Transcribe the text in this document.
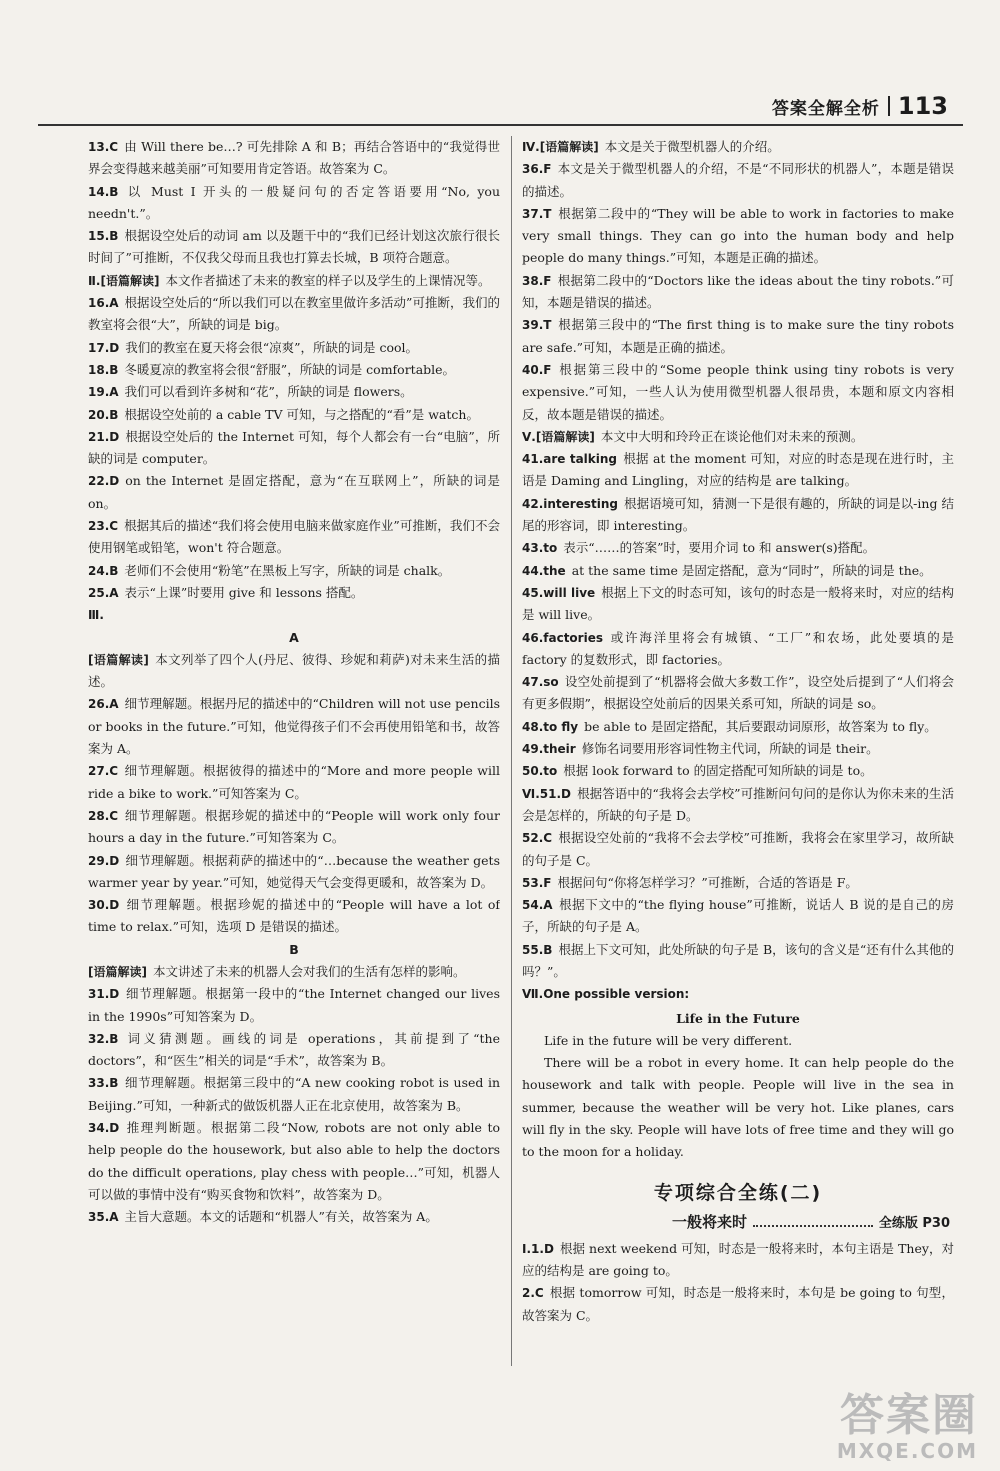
答案全解全析 113

13.C 由 Will there be…? 可先排除 A 和 B；再结合答语中的“我觉得世界会变得越来越美丽”可知要用肯定答语。故答案为 C。

14.B 以 Must I 开头的一般疑问句的否定答语要用“No, you needn't.”。

15.B 根据设空处后的动词 am 以及题干中的“我们已经计划这次旅行很长时间了”可推断，不仅我父母而且我也打算去长城，B 项符合题意。

Ⅱ.[语篇解读] 本文作者描述了未来的教室的样子以及学生的上课情况等。

16.A 根据设空处后的“所以我们可以在教室里做许多活动”可推断，我们的教室将会很“大”，所缺的词是 big。

17.D 我们的教室在夏天将会很“凉爽”，所缺的词是 cool。

18.B 冬暖夏凉的教室将会很“舒服”，所缺的词是 comfortable。

19.A 我们可以看到许多树和“花”，所缺的词是 flowers。

20.B 根据设空处前的 a cable TV 可知，与之搭配的“看”是 watch。

21.D 根据设空处后的 the Internet 可知，每个人都会有一台“电脑”，所缺的词是 computer。

22.D on the Internet 是固定搭配，意为“在互联网上”，所缺的词是 on。

23.C 根据其后的描述“我们将会使用电脑来做家庭作业”可推断，我们不会使用钢笔或铅笔，won't 符合题意。

24.B 老师们不会使用“粉笔”在黑板上写字，所缺的词是 chalk。

25.A 表示“上课”时要用 give 和 lessons 搭配。

Ⅲ.

A

[语篇解读] 本文列举了四个人(丹尼、彼得、珍妮和莉萨)对未来生活的描述。

26.A 细节理解题。根据丹尼的描述中的“Children will not use pencils or books in the future.”可知，他觉得孩子们不会再使用铅笔和书，故答案为 A。

27.C 细节理解题。根据彼得的描述中的“More and more people will ride a bike to work.”可知答案为 C。

28.C 细节理解题。根据珍妮的描述中的“People will work only four hours a day in the future.”可知答案为 C。

29.D 细节理解题。根据莉萨的描述中的“…because the weather gets warmer year by year.”可知，她觉得天气会变得更暖和，故答案为 D。

30.D 细节理解题。根据珍妮的描述中的“People will have a lot of time to relax.”可知，选项 D 是错误的描述。

B

[语篇解读] 本文讲述了未来的机器人会对我们的生活有怎样的影响。

31.D 细节理解题。根据第一段中的“the Internet changed our lives in the 1990s”可知答案为 D。

32.B 词义猜测题。画线的词是 operations，其前提到了“the doctors”，和“医生”相关的词是“手术”，故答案为 B。

33.B 细节理解题。根据第三段中的“A new cooking robot is used in Beijing.”可知，一种新式的做饭机器人正在北京使用，故答案为 B。

34.D 推理判断题。根据第二段“Now, robots are not only able to help people do the housework, but also able to help the doctors do the difficult operations, play chess with people…”可知，机器人可以做的事情中没有“购买食物和饮料”，故答案为 D。

35.A 主旨大意题。本文的话题和“机器人”有关，故答案为 A。

Ⅳ.[语篇解读] 本文是关于微型机器人的介绍。

36.F 本文是关于微型机器人的介绍，不是“不同形状的机器人”，本题是错误的描述。

37.T 根据第二段中的“They will be able to work in factories to make very small things. They can go into the human body and help people do many things.”可知，本题是正确的描述。

38.F 根据第二段中的“Doctors like the ideas about the tiny robots.”可知，本题是错误的描述。

39.T 根据第三段中的“The first thing is to make sure the tiny robots are safe.”可知，本题是正确的描述。

40.F 根据第三段中的“Some people think using tiny robots is very expensive.”可知，一些人认为使用微型机器人很昂贵，本题和原文内容相反，故本题是错误的描述。

Ⅴ.[语篇解读] 本文中大明和玲玲正在谈论他们对未来的预测。

41.are talking 根据 at the moment 可知，对应的时态是现在进行时，主语是 Daming and Lingling，对应的结构是 are talking。

42.interesting 根据语境可知，猜测一下是很有趣的，所缺的词是以-ing 结尾的形容词，即 interesting。

43.to 表示“……的答案”时，要用介词 to 和 answer(s)搭配。

44.the at the same time 是固定搭配，意为“同时”，所缺的词是 the。

45.will live 根据上下文的时态可知，该句的时态是一般将来时，对应的结构是 will live。

46.factories 或许海洋里将会有城镇、“工厂”和农场，此处要填的是 factory 的复数形式，即 factories。

47.so 设空处前提到了“机器将会做大多数工作”，设空处后提到了“人们将会有更多假期”，根据设空处前后的因果关系可知，所缺的词是 so。

48.to fly be able to 是固定搭配，其后要跟动词原形，故答案为 to fly。

49.their 修饰名词要用形容词性物主代词，所缺的词是 their。

50.to 根据 look forward to 的固定搭配可知所缺的词是 to。

Ⅵ.51.D 根据答语中的“我将会去学校”可推断问句问的是你认为你未来的生活会是怎样的，所缺的句子是 D。

52.C 根据设空处前的“我将不会去学校”可推断，我将会在家里学习，故所缺的句子是 C。

53.F 根据问句“你将怎样学习？”可推断，合适的答语是 F。

54.A 根据下文中的“the flying house”可推断，说话人 B 说的是自己的房子，所缺的句子是 A。

55.B 根据上下文可知，此处所缺的句子是 B，该句的含义是“还有什么其他的吗？”。

Ⅶ.One possible version:

Life in the Future
Life in the future will be very different.
There will be a robot in every home. It can help people do the housework and talk with people. People will live in the sea in summer, because the weather will be very hot. Like planes, cars will fly in the sky. People will have lots of free time and they will go to the moon for a holiday.
专项综合全练(二)
一般将来时	全练版 P30

Ⅰ.1.D 根据 next weekend 可知，时态是一般将来时，本句主语是 They，对应的结构是 are going to。

2.C 根据 tomorrow 可知，时态是一般将来时，本句是 be going to 句型，故答案为 C。

答案圈
MXQE.COM
